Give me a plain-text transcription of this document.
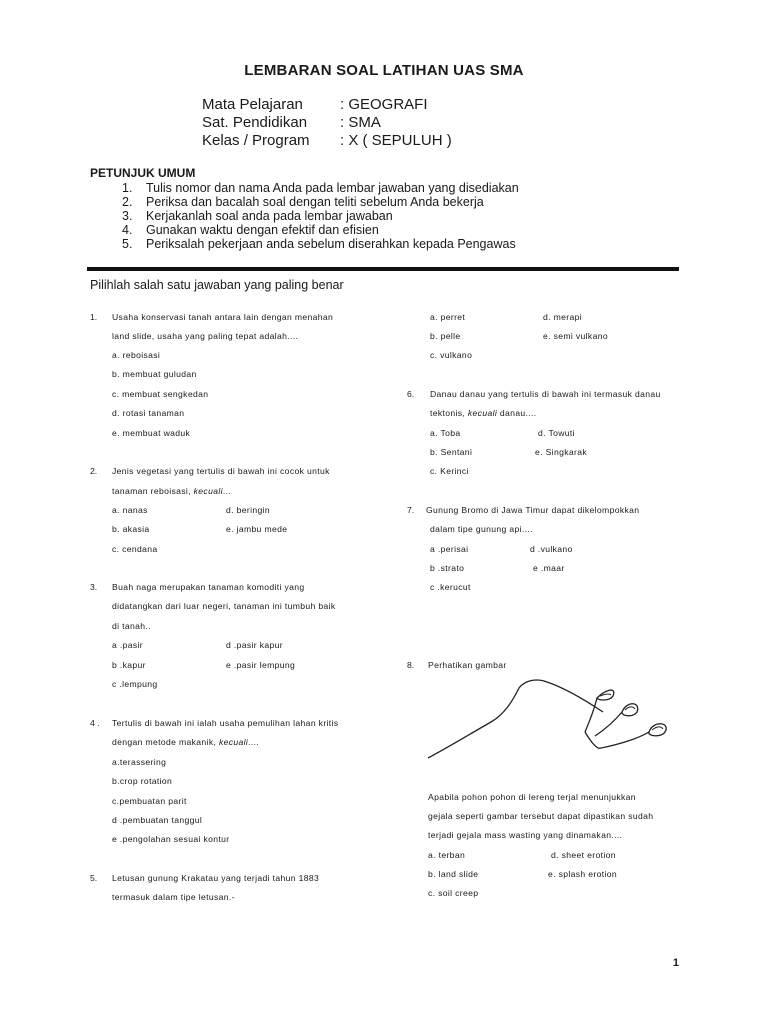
LEMBARAN SOAL LATIHAN UAS SMA
Mata Pelajaran : GEOGRAFI
Sat. Pendidikan : SMA
Kelas / Program : X ( SEPULUH )
PETUNJUK UMUM
1. Tulis nomor dan nama Anda pada lembar jawaban yang disediakan
2. Periksa dan bacalah soal dengan teliti sebelum Anda bekerja
3. Kerjakanlah soal anda pada lembar jawaban
4. Gunakan waktu dengan efektif dan efisien
5. Periksalah pekerjaan anda sebelum diserahkan kepada Pengawas
Pilihlah salah satu jawaban yang paling benar
1. Usaha konservasi tanah antara lain dengan menahan
land slide, usaha yang paling tepat adalah....
a. reboisasi
b. membuat guludan
c. membuat sengkedan
d. rotasi tanaman
e. membuat waduk
2. Jenis vegetasi yang tertulis di bawah ini cocok untuk
tanaman reboisasi, kecuali...
a. nanas	d. beringin
b. akasia	e. jambu mede
c. cendana
3. Buah naga merupakan tanaman komoditi yang
didatangkan dari luar negeri, tanaman ini tumbuh baik
di tanah..
a .pasir	d .pasir kapur
b .kapur	e .pasir lempung
c .lempung
4 . Tertulis di bawah ini ialah usaha pemulihan lahan kritis
dengan metode makanik, kecuali....
a.terassering
b.crop rotation
c.pembuatan parit
d .pembuatan tanggul
e .pengolahan sesuai kontur
5. Letusan gunung Krakatau yang terjadi tahun 1883
termasuk dalam tipe letusan.-
a. perret	d. merapi
b. pelle	e. semi vulkano
c. vulkano
6. Danau danau yang tertulis di bawah ini termasuk danau
tektonis, kecuali danau....
a. Toba	d. Towuti
b. Sentani	e. Singkarak
c. Kerinci
7. Gunung Bromo di Jawa Timur dapat dikelompokkan
dalam tipe gunung api....
a .perisai	d .vulkano
b .strato	e .maar
c .kerucut
8. Perhatikan gambar
Apabila pohon pohon di lereng terjal menunjukkan
gejala seperti gambar tersebut dapat dipastikan sudah
terjadi gejala mass wasting yang dinamakan....
a. terban	d. sheet erotion
b. land slide	e. splash erotion
c. soil creep
1
